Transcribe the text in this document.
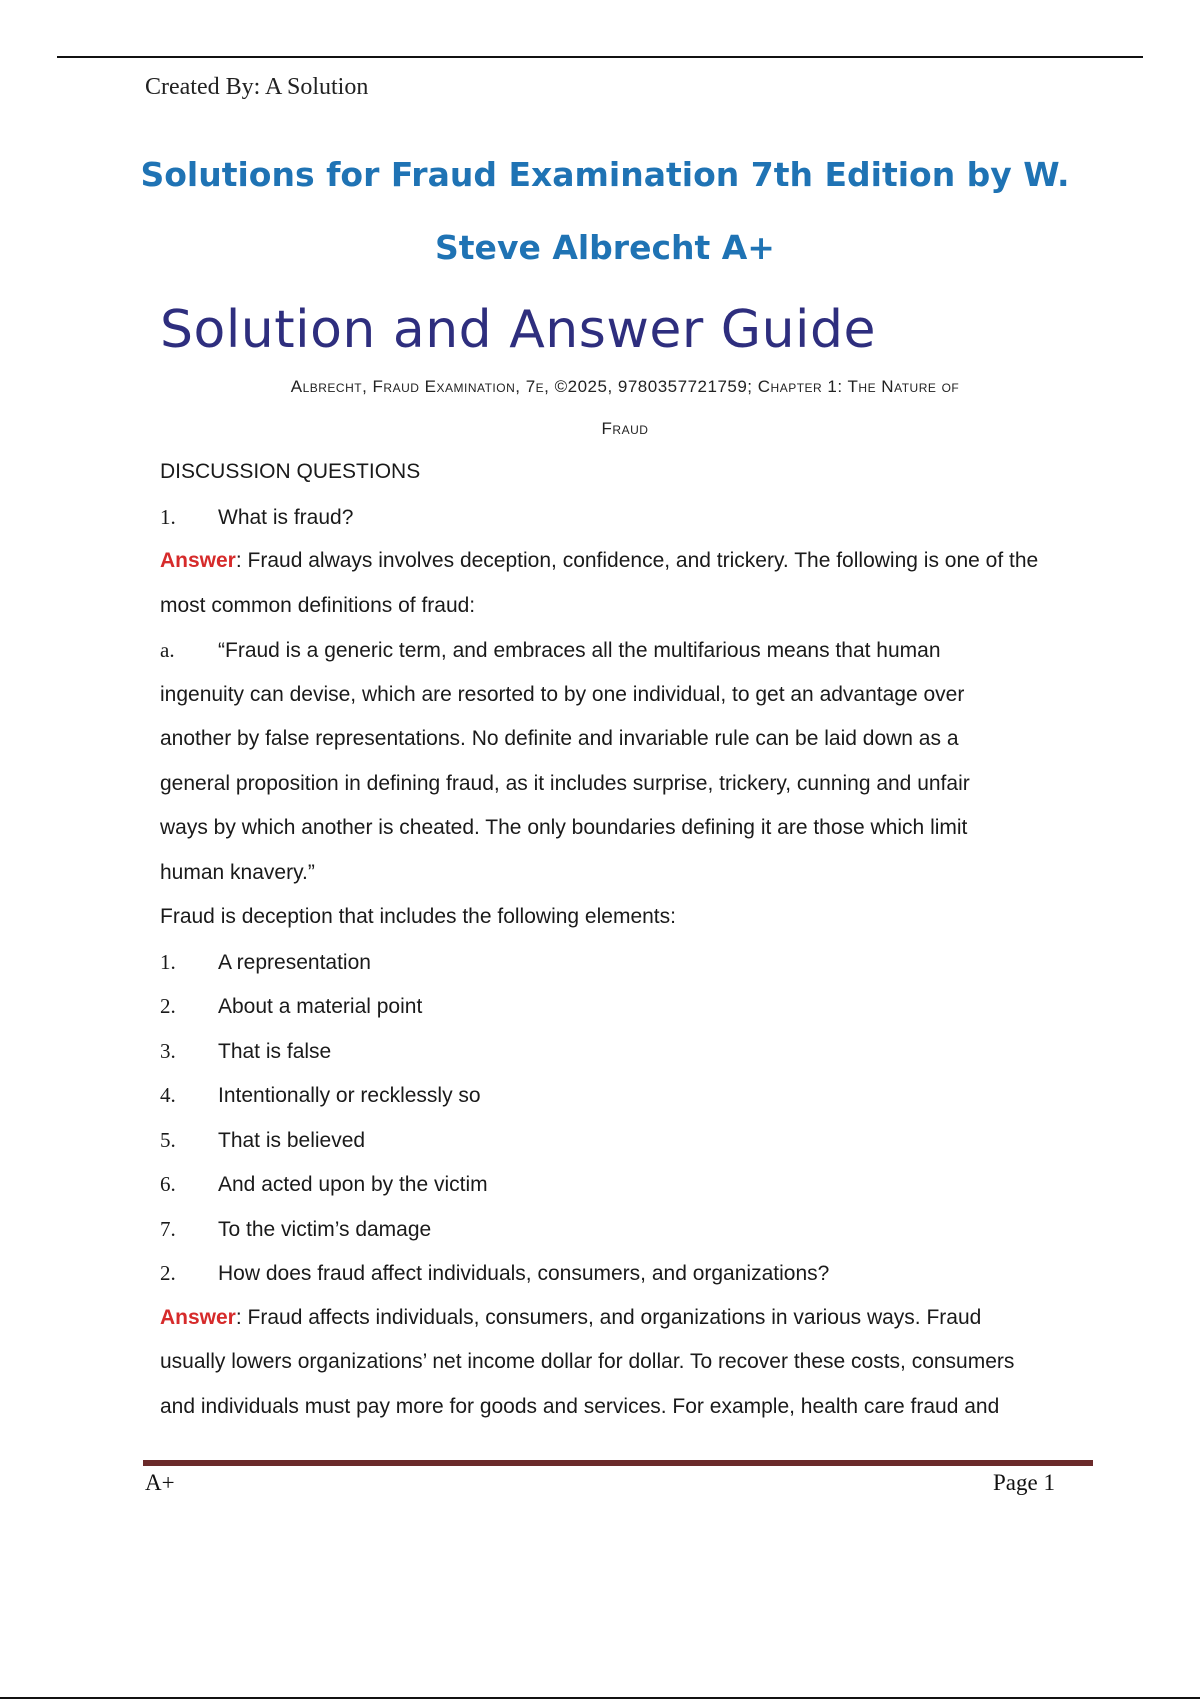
Created By: A Solution
Solutions for Fraud Examination 7th Edition by W.
Steve Albrecht A+
Solution and Answer Guide
Albrecht, Fraud Examination, 7e, ©2025, 9780357721759; Chapter 1: The Nature of
Fraud
DISCUSSION QUESTIONS
1. What is fraud?
Answer: Fraud always involves deception, confidence, and trickery. The following is one of the
most common definitions of fraud:
a. “Fraud is a generic term, and embraces all the multifarious means that human
ingenuity can devise, which are resorted to by one individual, to get an advantage over
another by false representations. No definite and invariable rule can be laid down as a
general proposition in defining fraud, as it includes surprise, trickery, cunning and unfair
ways by which another is cheated. The only boundaries defining it are those which limit
human knavery.”
Fraud is deception that includes the following elements:
1. A representation
2. About a material point
3. That is false
4. Intentionally or recklessly so
5. That is believed
6. And acted upon by the victim
7. To the victim’s damage
2. How does fraud affect individuals, consumers, and organizations?
Answer: Fraud affects individuals, consumers, and organizations in various ways. Fraud
usually lowers organizations’ net income dollar for dollar. To recover these costs, consumers
and individuals must pay more for goods and services. For example, health care fraud and
A+	Page 1
